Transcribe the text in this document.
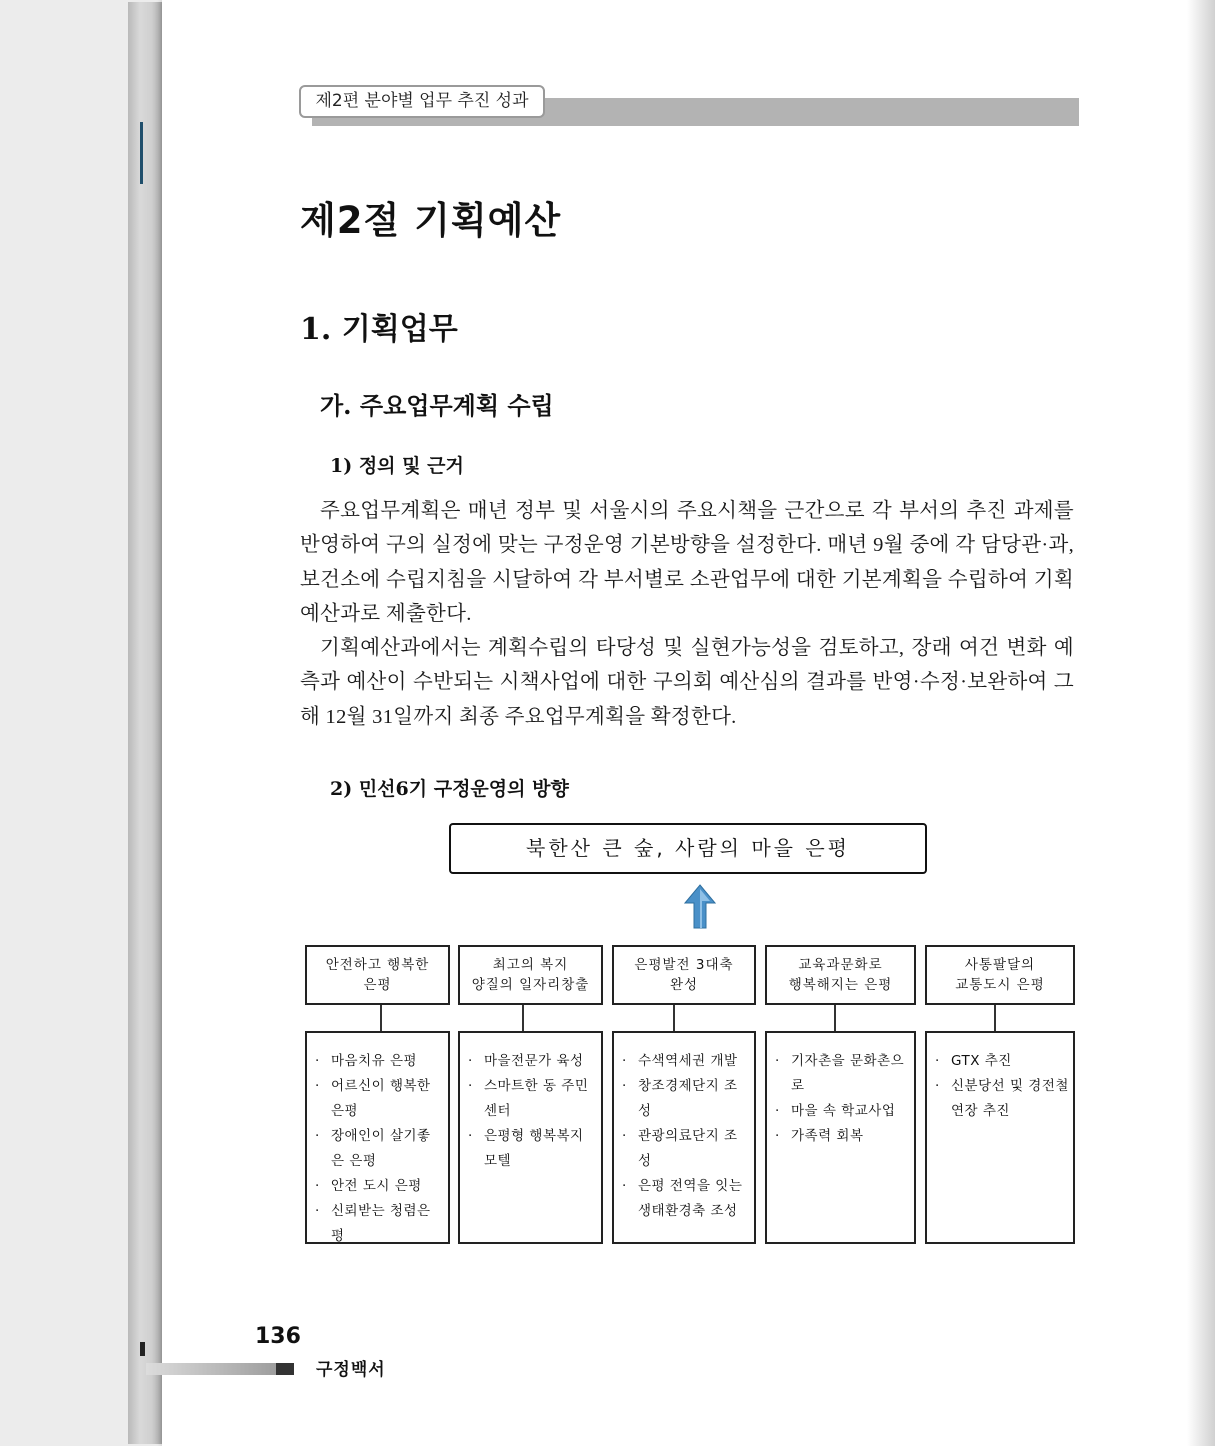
제2편 분야별 업무 추진 성과
제2절 기획예산
1. 기획업무
가. 주요업무계획 수립
1) 정의 및 근거

주요업무계획은 매년 정부 및 서울시의 주요시책을 근간으로 각 부서의 추진 과제를 반영하여 구의 실정에 맞는 구정운영 기본방향을 설정한다. 매년 9월 중에 각 담당관·과, 보건소에 수립지침을 시달하여 각 부서별로 소관업무에 대한 기본계획을 수립하여 기획예산과로 제출한다.

기획예산과에서는 계획수립의 타당성 및 실현가능성을 검토하고, 장래 여건 변화 예측과 예산이 수반되는 시책사업에 대한 구의회 예산심의 결과를 반영·수정·보완하여 그해 12월 31일까지 최종 주요업무계획을 확정한다.

2) 민선6기 구정운영의 방향
북한산 큰 숲, 사람의 마을 은평
안전하고 행복한
은평
최고의 복지
양질의 일자리창출
은평발전 3대축
완성
교육과문화로
행복해지는 은평
사통팔달의
교통도시 은평
· 마음치유 은평
· 어르신이 행복한 은평
· 장애인이 살기좋은 은평
· 안전 도시 은평
· 신뢰받는 청렴은평
· 마을전문가 육성
· 스마트한 동 주민센터
· 은평형 행복복지모텔
· 수색역세권 개발
· 창조경제단지 조성
· 관광의료단지 조성
· 은평 전역을 잇는 생태환경축 조성
· 기자촌을 문화촌으로
· 마을 속 학교사업
· 가족력 회복
· GTX 추진
· 신분당선 및 경전철 연장 추진
136
구정백서
